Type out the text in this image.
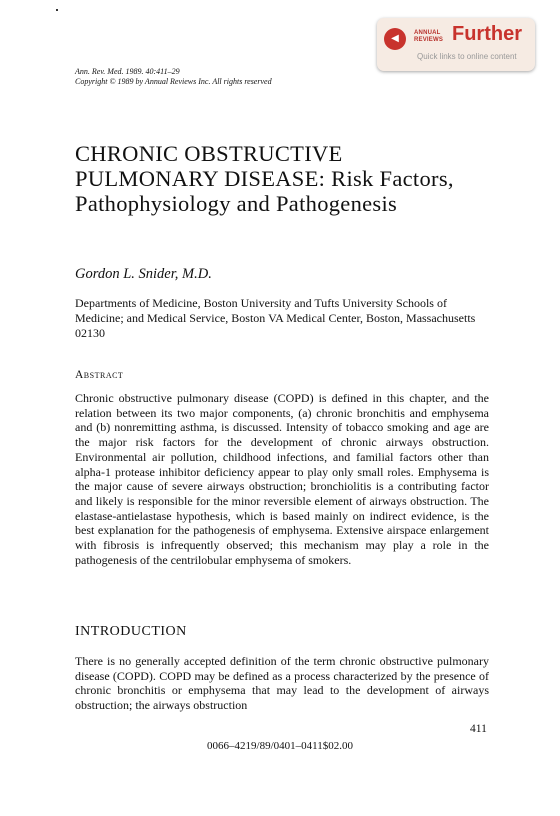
Ann. Rev. Med. 1989. 40:411–29
Copyright © 1989 by Annual Reviews Inc. All rights reserved
◀	ANNUAL
REVIEWS Further
Quick links to online content
CHRONIC OBSTRUCTIVE PULMONARY DISEASE: Risk Factors, Pathophysiology and Pathogenesis
Gordon L. Snider, M.D.
Departments of Medicine, Boston University and Tufts University Schools of Medicine; and Medical Service, Boston VA Medical Center, Boston, Massachusetts 02130
Abstract

Chronic obstructive pulmonary disease (COPD) is defined in this chapter, and the relation between its two major components, (a) chronic bronchitis and emphysema and (b) nonremitting asthma, is discussed. Intensity of tobacco smoking and age are the major risk factors for the development of chronic airways obstruction. Environmental air pollution, childhood infections, and familial factors other than alpha-1 protease inhibitor deficiency appear to play only small roles. Emphysema is the major cause of severe airways obstruction; bronchiolitis is a contributing factor and likely is responsible for the minor reversible element of airways obstruction. The elastase-antielastase hypothesis, which is based mainly on indirect evidence, is the best explanation for the pathogenesis of emphysema. Extensive airspace enlargement with fibrosis is infrequently observed; this mechanism may play a role in the pathogenesis of the centrilobular emphysema of smokers.

INTRODUCTION

There is no generally accepted definition of the term chronic obstructive pulmonary disease (COPD). COPD may be defined as a process characterized by the presence of chronic bronchitis or emphysema that may lead to the development of airways obstruction; the airways obstruction

411
0066–4219/89/0401–0411$02.00
